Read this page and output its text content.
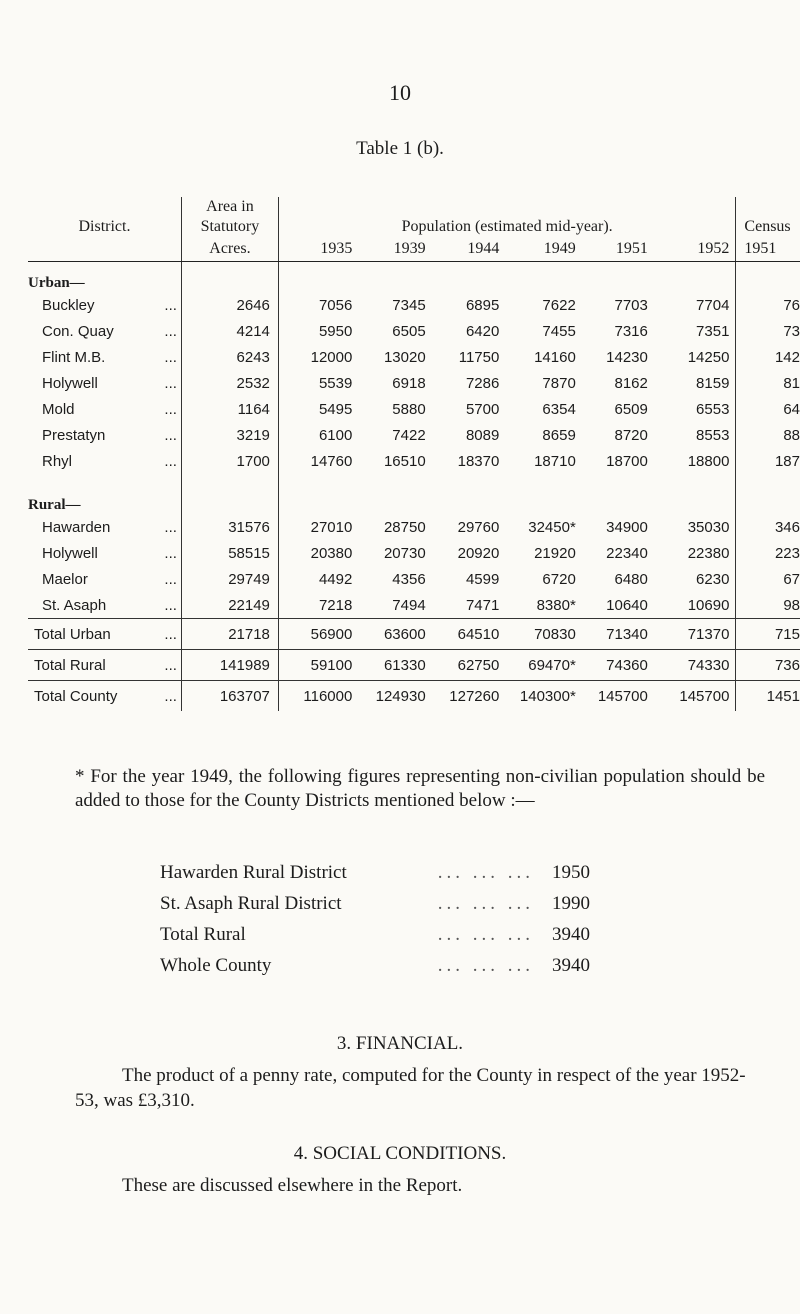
10
Table 1 (b).
	Area in							
District.	Statutory	Population (estimated mid-year).						Census
	Acres.	1935	1939	1944	1949	1951	1952	1951
Urban—								
Buckley ...	2646	7056	7345	6895	7622	7703	7704	76
Con. Quay ...	4214	5950	6505	6420	7455	7316	7351	73
Flint M.B. ...	6243	12000	13020	11750	14160	14230	14250	142
Holywell ...	2532	5539	6918	7286	7870	8162	8159	81
Mold ...	1164	5495	5880	5700	6354	6509	6553	64
Prestatyn ...	3219	6100	7422	8089	8659	8720	8553	88
Rhyl ...	1700	14760	16510	18370	18710	18700	18800	187

Rural—								
Hawarden ...	31576	27010	28750	29760	32450*	34900	35030	346
Holywell ...	58515	20380	20730	20920	21920	22340	22380	223
Maelor ...	29749	4492	4356	4599	6720	6480	6230	67
St. Asaph ...	22149	7218	7494	7471	8380*	10640	10690	98
Total Urban ...	21718	56900	63600	64510	70830	71340	71370	715
Total Rural ...	141989	59100	61330	62750	69470*	74360	74330	736
Total County ...	163707	116000	124930	127260	140300*	145700	145700	1451
* For the year 1949, the following figures representing non-civilian population should be added to those for the County Districts mentioned below :—
Hawarden Rural District	... ... ... 1950
St. Asaph Rural District	... ... ... 1990
Total Rural	... ... ... 3940
Whole County	... ... ... 3940
3. FINANCIAL.
The product of a penny rate, computed for the County in respect of the year 1952-53, was £3,310.
4. SOCIAL CONDITIONS.
These are discussed elsewhere in the Report.
